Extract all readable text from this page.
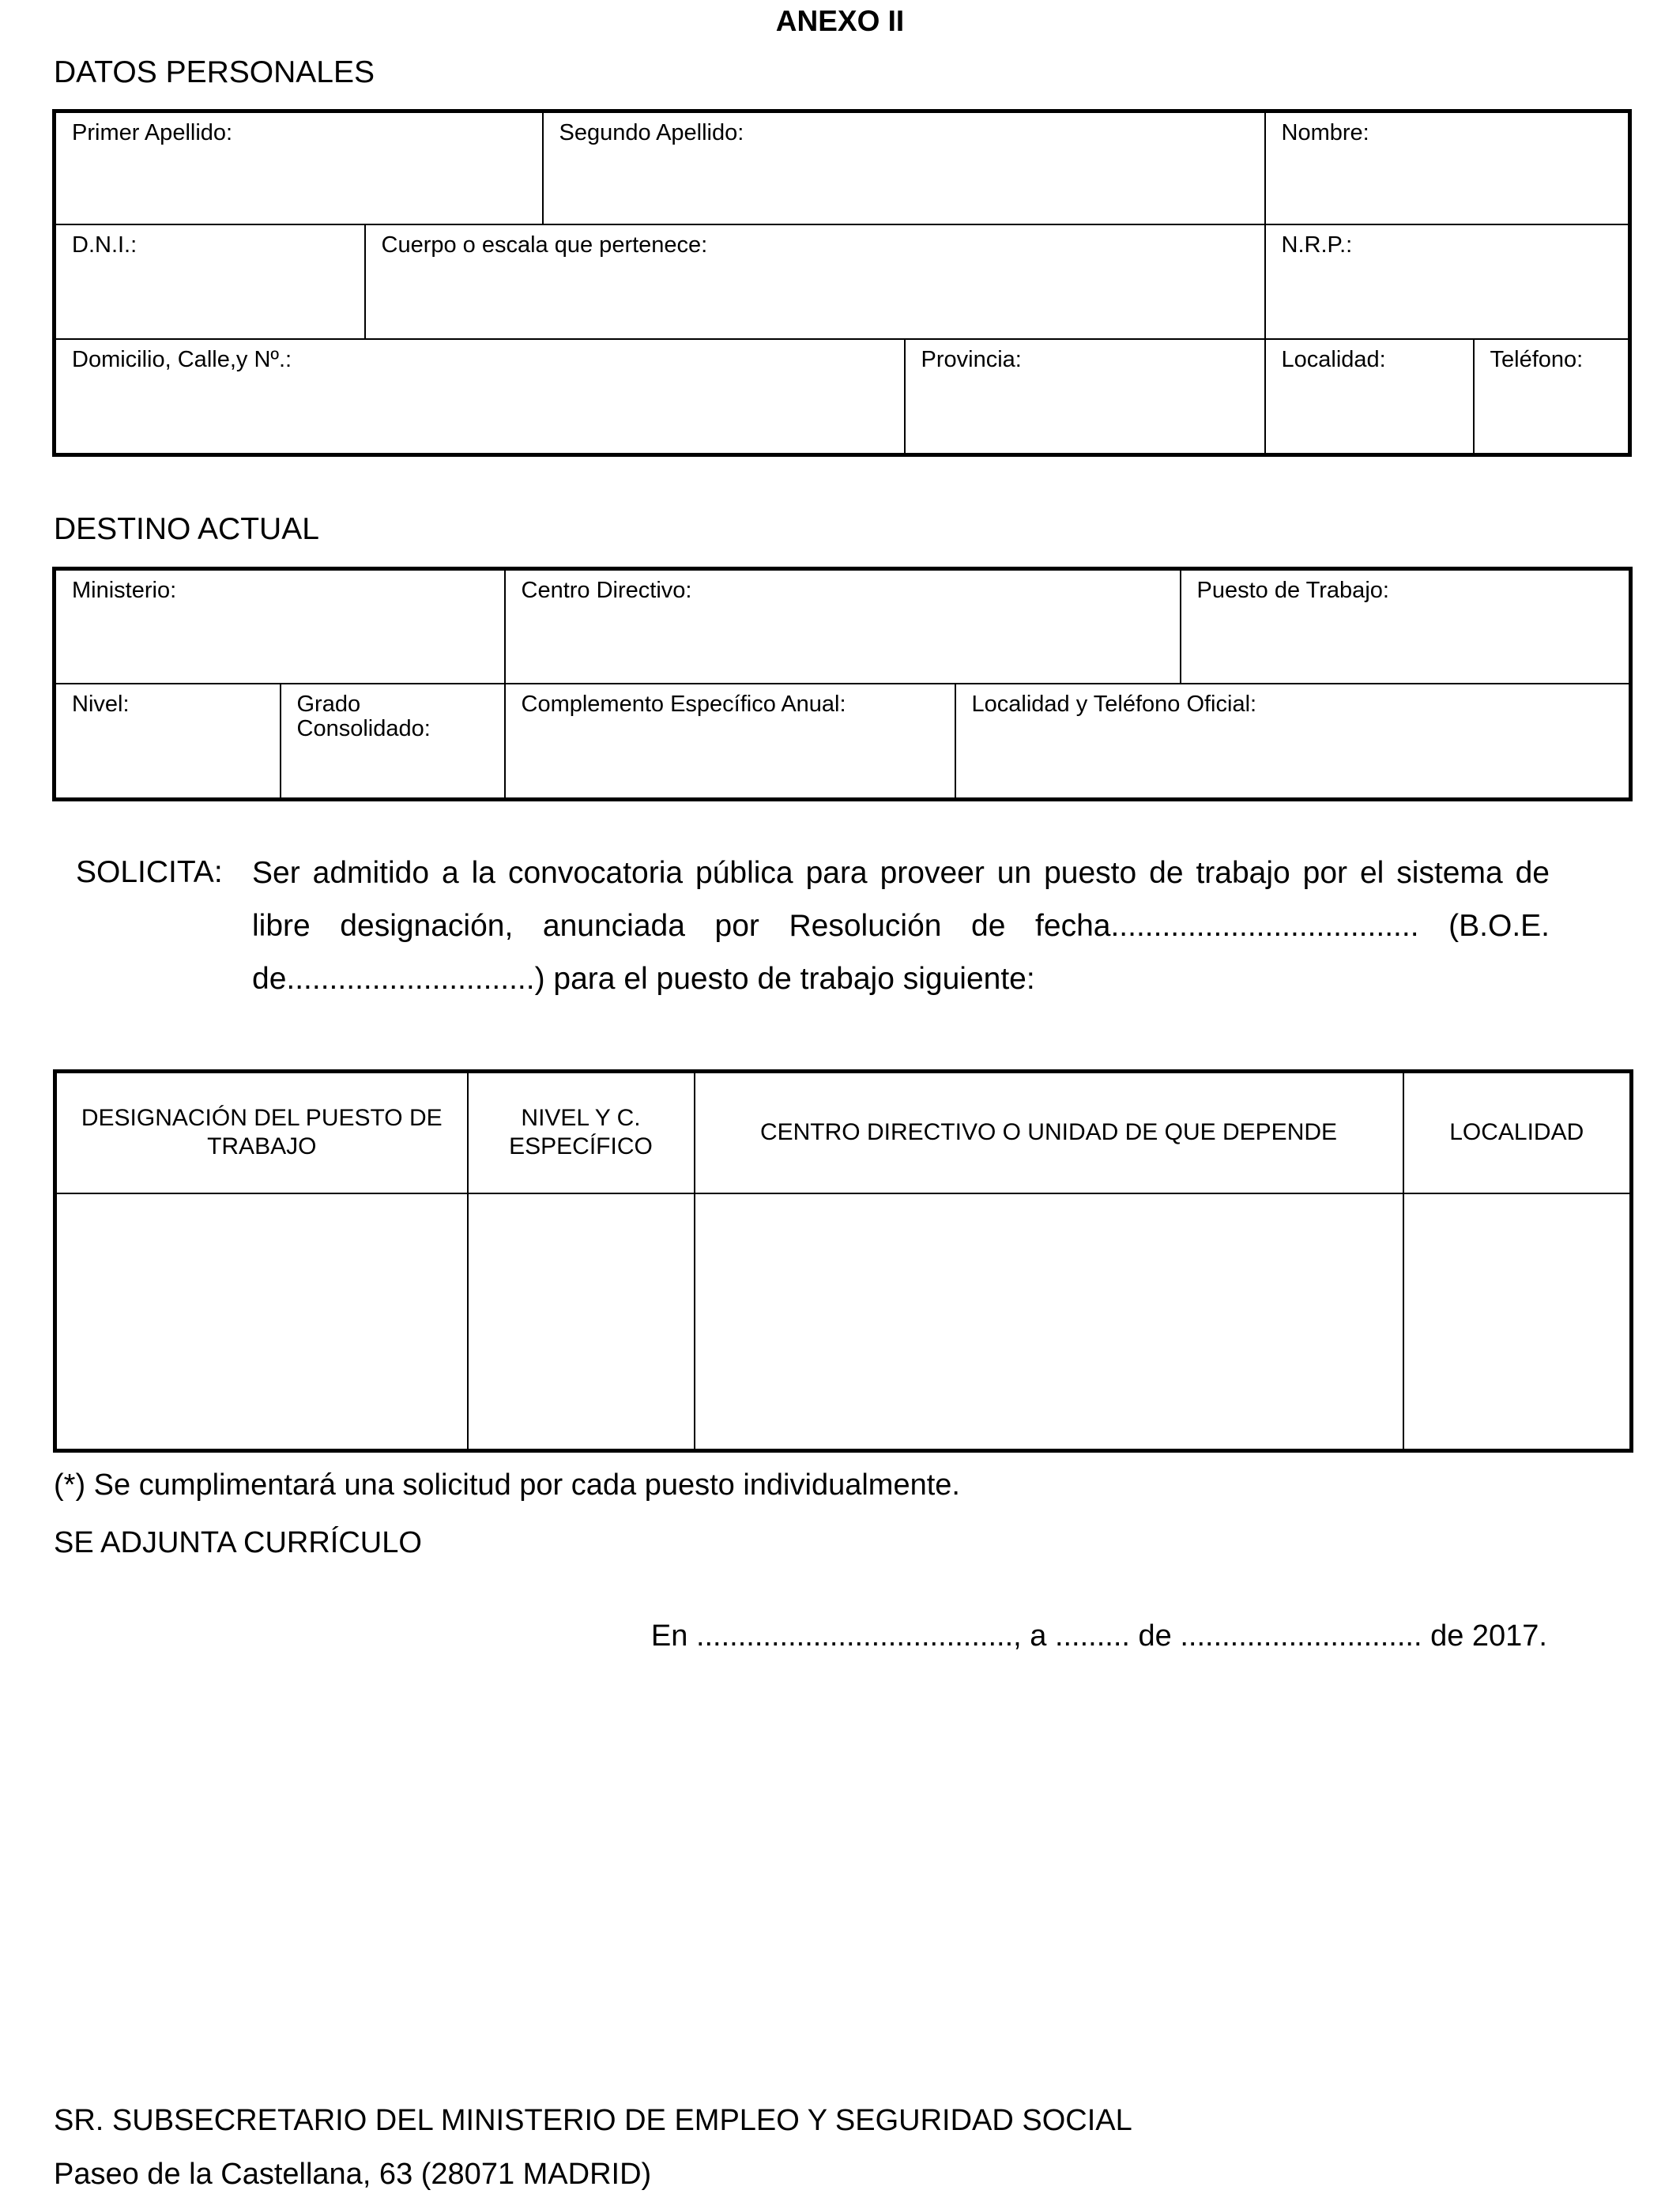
ANEXO II
DATOS PERSONALES
Primer Apellido:		Segundo Apellido:		Nombre:	
D.N.I.:	Cuerpo o escala que pertenece:			N.R.P.:	
Domicilio, Calle,y Nº.:			Provincia:	Localidad:	Teléfono:
DESTINO ACTUAL
Ministerio:		Centro Directivo:		Puesto de Trabajo:
Nivel:	Grado Consolidado:	Complemento Específico Anual:	Localidad y Teléfono Oficial:	
SOLICITA: Ser admitido a la convocatoria pública para proveer un puesto de trabajo por el sistema de libre designación, anunciada por Resolución de fecha.................................... (B.O.E. de.............................) para el puesto de trabajo siguiente:
DESIGNACIÓN DEL PUESTO DE TRABAJO	NIVEL Y C. ESPECÍFICO	CENTRO DIRECTIVO O UNIDAD DE QUE DEPENDE	LOCALIDAD

(*) Se cumplimentará una solicitud por cada puesto individualmente.
SE ADJUNTA CURRÍCULO
En ......................................, a ......... de ............................. de 2017.
SR. SUBSECRETARIO DEL MINISTERIO DE EMPLEO Y SEGURIDAD SOCIAL
Paseo de la Castellana, 63 (28071 MADRID)
